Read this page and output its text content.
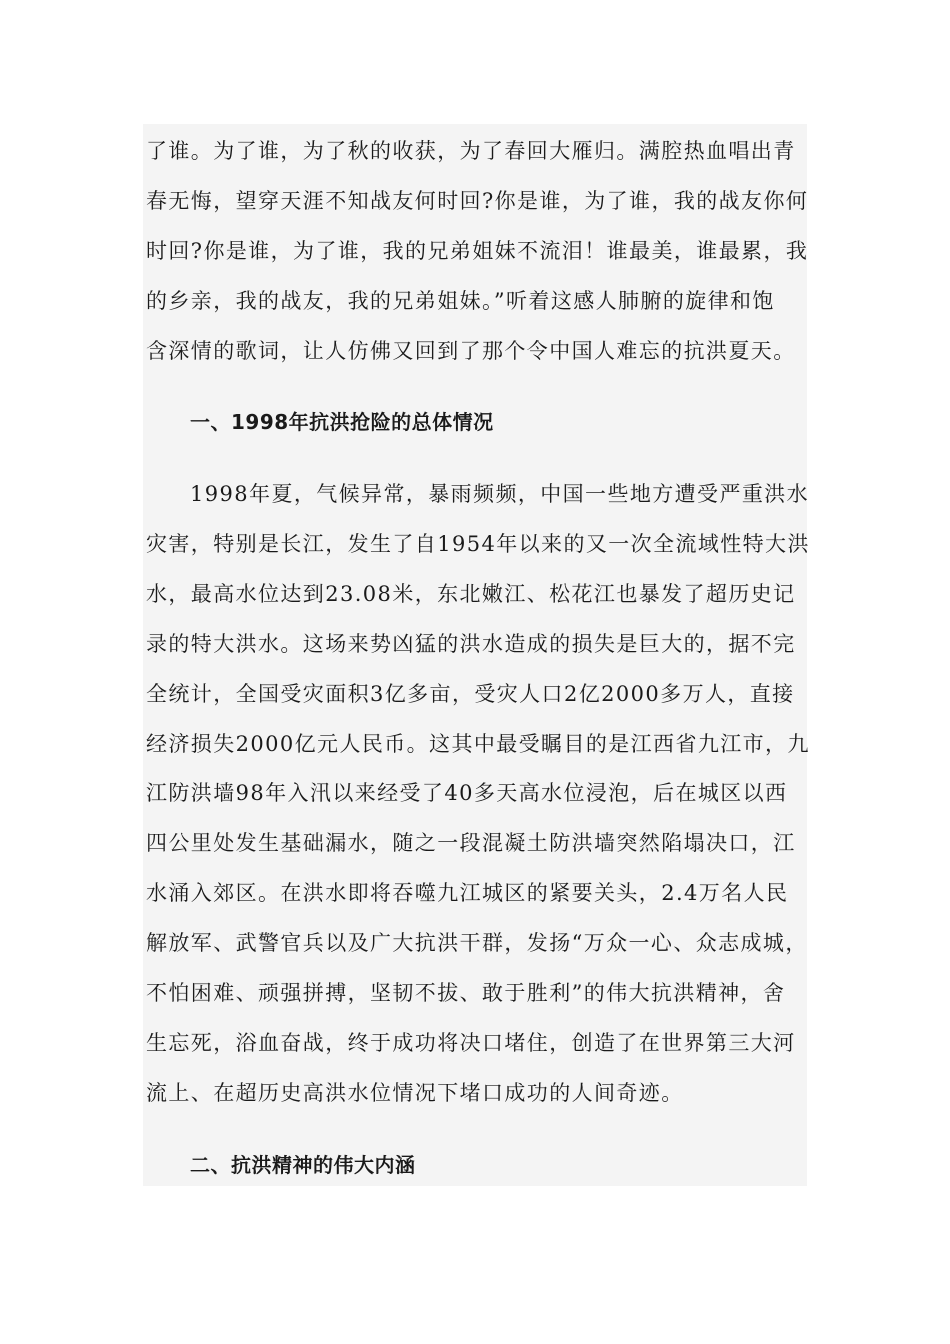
了谁。为了谁，为了秋的收获，为了春回大雁归。满腔热血唱出青
春无悔，望穿天涯不知战友何时回?你是谁，为了谁，我的战友你何
时回?你是谁，为了谁，我的兄弟姐妹不流泪！谁最美，谁最累，我
的乡亲，我的战友，我的兄弟姐妹。”听着这感人肺腑的旋律和饱
含深情的歌词，让人仿佛又回到了那个令中国人难忘的抗洪夏天。
一、1998年抗洪抢险的总体情况
1998年夏，气候异常，暴雨频频，中国一些地方遭受严重洪水
灾害，特别是长江，发生了自1954年以来的又一次全流域性特大洪
水，最高水位达到23.08米，东北嫩江、松花江也暴发了超历史记
录的特大洪水。这场来势凶猛的洪水造成的损失是巨大的，据不完
全统计，全国受灾面积3亿多亩，受灾人口2亿2000多万人，直接
经济损失2000亿元人民币。这其中最受瞩目的是江西省九江市，九
江防洪墙98年入汛以来经受了40多天高水位浸泡，后在城区以西
四公里处发生基础漏水，随之一段混凝土防洪墙突然陷塌决口，江
水涌入郊区。在洪水即将吞噬九江城区的紧要关头，2.4万名人民
解放军、武警官兵以及广大抗洪干群，发扬“万众一心、众志成城，
不怕困难、顽强拼搏，坚韧不拔、敢于胜利”的伟大抗洪精神，舍
生忘死，浴血奋战，终于成功将决口堵住，创造了在世界第三大河
流上、在超历史高洪水位情况下堵口成功的人间奇迹。
二、抗洪精神的伟大内涵
